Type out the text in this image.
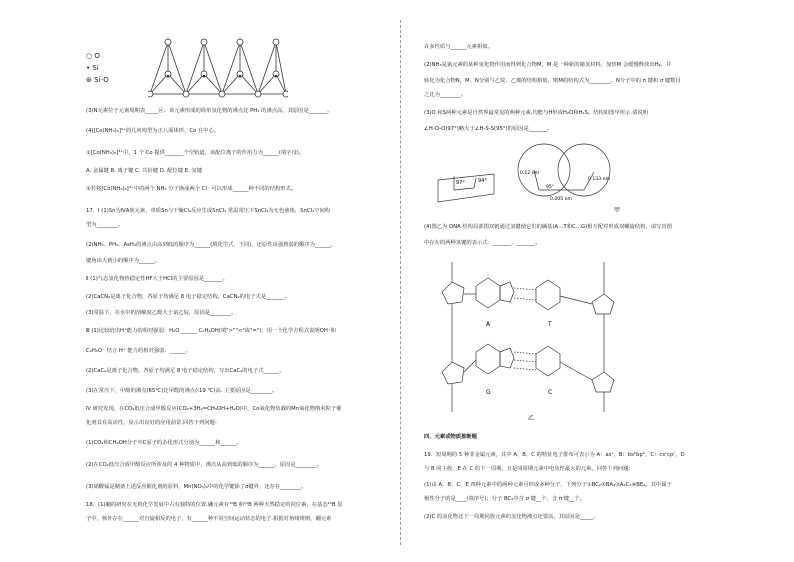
○ O
• Si
⊛ Si-O
(3)N元素位于元素周期表_____区；该元素形成的简单氢化物的沸点比 PH₃ 的沸点高，其原因是_______。
(4)[Co(NH₃)₆]³⁺的几何构型为正八面体形，Co 在中心。
①[Co(NH₃)₆]³⁺中，1 个 Co 提供_______个空轨道，该配位离子的作用力为______(填字母)。
A. 金属键 B. 离子键 C. 共价键 D. 配位键 E. 氢键
②若将[Co(NH₃)₆]³⁺中的两个 NH₃ 分子换成两个 Cl⁻ 可以形成______种不同的结构形式。
17．Ⅰ (1)Sn为ⅣA族元素，单质Sn与干燥Cl₂反应生成SnCl₄ 常温常压下SnCl₄为无色液体，SnCl₄空间构
型为________。
(2)NH₃、PH₃、AsH₃的沸点由高到低的顺序为______(填化学式，下同)，还原性由强到弱的顺序为______，
键角由大到小的顺序为______。
Ⅱ (1)气态氢化物热稳定性HF大于HCl的主要原因是_______。
(2)CaCN₂是离子化合物，各原子均满足 8 电子稳定结构。CaCN₂的电子式是_______。
(3)常温下，在水中的溶解度乙醇大于氯乙烷，原因是________。
Ⅲ (1)比较给出H⁺能力的相对强弱：H₂O ______ C₂H₅OH(填">""<"或"=")；用一个化学方程式说明OH⁻和
C₂H₅O⁻ 结合 H⁺ 能力的相对强弱：______。
(2)CaC₂是离子化合物，各原子均满足 8 电子稳定结构，写出CaC₂的电子式______。
(3)在常压下，甲醇的沸点(65℃)比甲醛的沸点(-19 ℃)高. 主要原因是________。
Ⅳ 研究发现，在CO₂低压合成甲醇反应(CO₂+3H₂=CH₃OH+H₂O)中，Co氧化物负载的Mn氧化物纳米粒子催
化剂具有高活性，显示出良好的应用前景.回答下列问题：
(1)CO₂和CH₃OH分子中C原子的杂化形式分别为______和______。
(2)在CO₂低压合成甲醇反应所涉及的 4 种物质中，沸点从高到低的顺序为______，原因是________。
(3)硝酸锰是制备上述反应催化剂的原料，Mn(NO₃)₂中的化学键除了σ键外，还存在________。
18．(1)硼的研究在无机化学发展中占有独特的位置.硼元素有¹⁰B 和¹¹B 两种天然稳定的同位素，在基态¹¹B 原
子中，核外存在______对自旋相反的电子，有______种不同空间运动状态的电子.根据对角线规则，硼元素
许多性质与______元素相似。
(2)NH₃是氮元素的某种氢化物作用而得到化合物M，M 是一种新的储氢材料，加热M 会缓慢释放出H₂，并
转化为化合物N，M、N分别与乙烷、乙烯的结构相似，则M的结构式为________。N分子中的 π 键和 σ 键数目
之比为________。
(3)O 和S两种元素是自然界最常见的两种元素,均能与H形成H₂O和H₂S。结构如图甲所示.请说明
∠H-O-O(97°)略大于∠H-S-S(95°)的原因是_______。
97°	94°
0.12 nm
0.133 nm
0.205 nm
95°
甲
(4)图乙为 DNA 结构局部图双链通过氢键使它们的碱基(A…T和C…G)相互配对形成双螺旋结构，请写出图
中存在的两种氢键的表示式：_______、_______。
A	T
G	C
乙
四、元素或物质推断题
19．短周期的 5 种非金属元素，其中 A、B、C 的特征电子排布可表示为 A：asᵃ，B：bsᵇbpᵇ，C：csᶜcpᶜ，D
与 B 同主族，E 在 C 的下一周期，且是同周期元素中电负性最大的元素。回答下列问题：
(1)由 A、B、C、E 四种元素中的两种元素可形成多种分子，下列分子①BC₂②BA₄③A₂C₂④BE₄，其中属于
极性分子的是____(填序号)；分子 BC₂中含 σ 键__个，含 π 键__个。
(2)C 的氢化物比下一周期同族元素的氢化物沸点还要高，其原因是_____。
